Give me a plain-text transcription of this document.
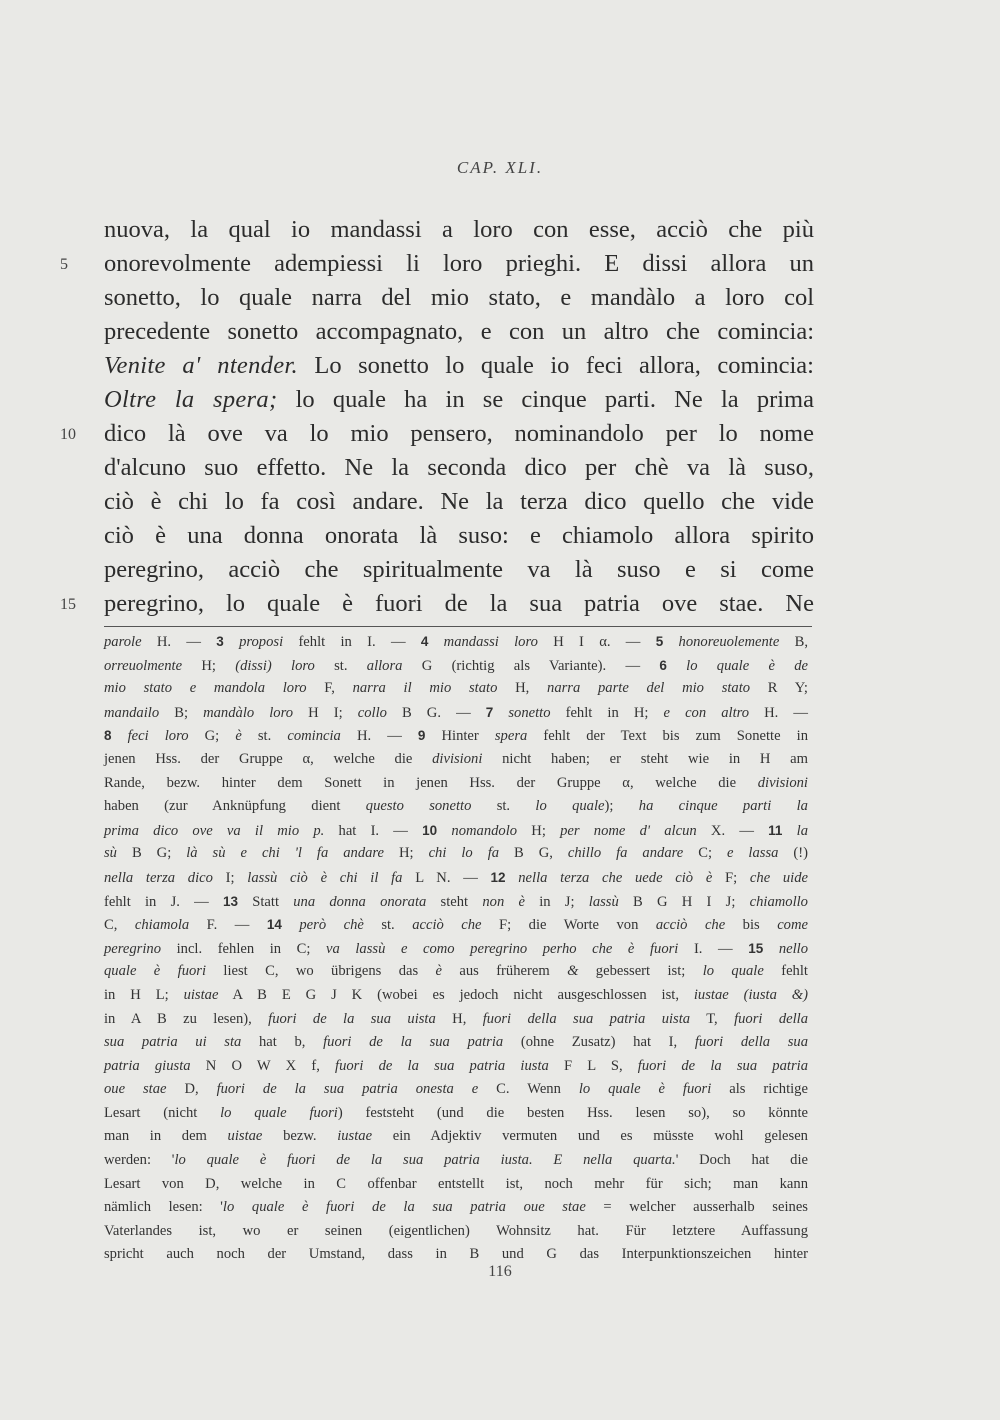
CAP. XLI.
nuova, la qual io mandassi a loro con esse, acciò che più
onorevolmente adempiessi li loro prieghi. E dissi allora un
sonetto, lo quale narra del mio stato, e mandàlo a loro col
precedente sonetto accompagnato, e con un altro che comincia:
Venite a' ntender. Lo sonetto lo quale io feci allora, comincia:
Oltre la spera; lo quale ha in se cinque parti. Ne la prima
dico là ove va lo mio pensero, nominandolo per lo nome
d'alcuno suo effetto. Ne la seconda dico per chè va là suso,
ciò è chi lo fa così andare. Ne la terza dico quello che vide
ciò è una donna onorata là suso: e chiamolo allora spirito
peregrino, acciò che spiritualmente va là suso e si come
peregrino, lo quale è fuori de la sua patria ove stae. Ne
5
10
15
parole H. — 3 proposi fehlt in I. — 4 mandassi loro H I α. — 5 honoreuolemente B,
orreuolmente H; (dissi) loro st. allora G (richtig als Variante). — 6 lo quale è de
mio stato e mandola loro F, narra il mio stato H, narra parte del mio stato R Y;
mandailo B; mandàlo loro H I; collo B G. — 7 sonetto fehlt in H; e con altro H. —
8 feci loro G; è st. comincia H. — 9 Hinter spera fehlt der Text bis zum Sonette in
jenen Hss. der Gruppe α, welche die divisioni nicht haben; er steht wie in H am
Rande, bezw. hinter dem Sonett in jenen Hss. der Gruppe α, welche die divisioni
haben (zur Anknüpfung dient questo sonetto st. lo quale); ha cinque parti la
prima dico ove va il mio p. hat I. — 10 nomandolo H; per nome d' alcun X. — 11 la
sù B G; là sù e chi 'l fa andare H; chi lo fa B G, chillo fa andare C; e lassa (!)
nella terza dico I; lassù ciò è chi il fa L N. — 12 nella terza che uede ciò è F; che uide
fehlt in J. — 13 Statt una donna onorata steht non è in J; lassù B G H I J; chiamollo
C, chiamola F. — 14 però chè st. acciò che F; die Worte von acciò che bis come
peregrino incl. fehlen in C; va lassù e como peregrino perho che è fuori I. — 15 nello
quale è fuori liest C, wo übrigens das è aus früherem & gebessert ist; lo quale fehlt
in H L; uistae A B E G J K (wobei es jedoch nicht ausgeschlossen ist, iustae (iusta &)
in A B zu lesen), fuori de la sua uista H, fuori della sua patria uista T, fuori della
sua patria ui sta hat b, fuori de la sua patria (ohne Zusatz) hat I, fuori della sua
patria giusta N O W X f, fuori de la sua patria iusta F L S, fuori de la sua patria
oue stae D, fuori de la sua patria onesta e C. Wenn lo quale è fuori als richtige
Lesart (nicht lo quale fuori) feststeht (und die besten Hss. lesen so), so könnte
man in dem uistae bezw. iustae ein Adjektiv vermuten und es müsste wohl gelesen
werden: 'lo quale è fuori de la sua patria iusta. E nella quarta.' Doch hat die
Lesart von D, welche in C offenbar entstellt ist, noch mehr für sich; man kann
nämlich lesen: 'lo quale è fuori de la sua patria oue stae = welcher ausserhalb seines
Vaterlandes ist, wo er seinen (eigentlichen) Wohnsitz hat. Für letztere Auffassung
spricht auch noch der Umstand, dass in B und G das Interpunktionszeichen hinter
116
